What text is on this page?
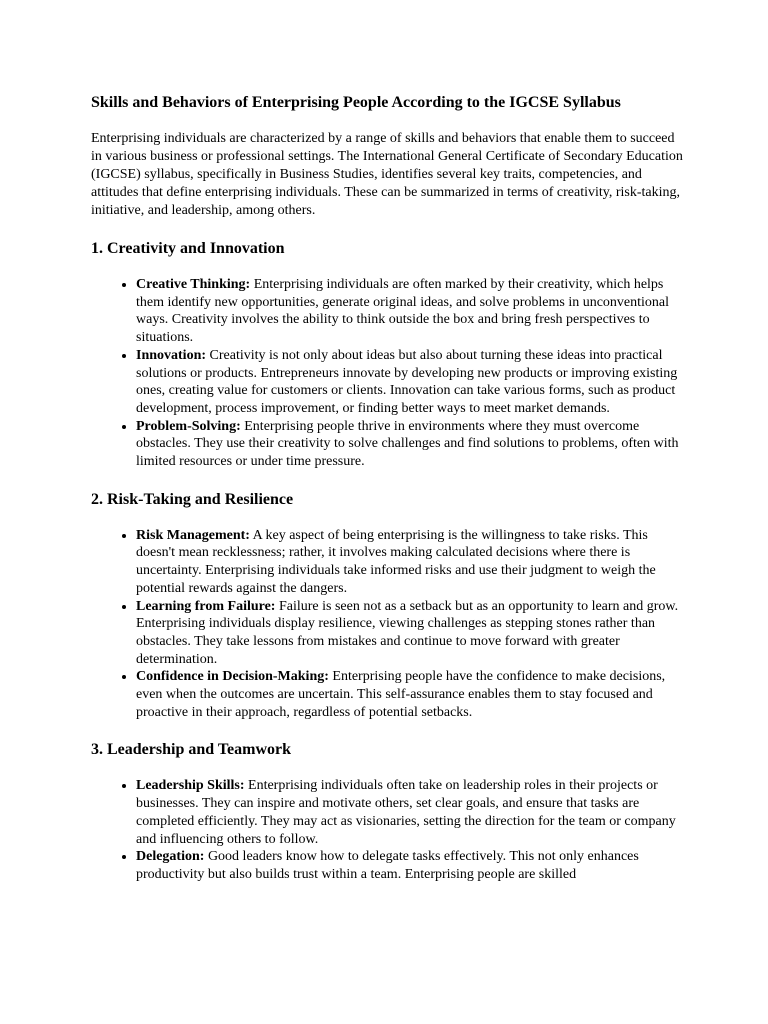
Skills and Behaviors of Enterprising People According to the IGCSE Syllabus

Enterprising individuals are characterized by a range of skills and behaviors that enable them to succeed in various business or professional settings. The International General Certificate of Secondary Education (IGCSE) syllabus, specifically in Business Studies, identifies several key traits, competencies, and attitudes that define enterprising individuals. These can be summarized in terms of creativity, risk-taking, initiative, and leadership, among others.

1. Creativity and Innovation
• Creative Thinking: Enterprising individuals are often marked by their creativity, which helps them identify new opportunities, generate original ideas, and solve problems in unconventional ways. Creativity involves the ability to think outside the box and bring fresh perspectives to situations.
• Innovation: Creativity is not only about ideas but also about turning these ideas into practical solutions or products. Entrepreneurs innovate by developing new products or improving existing ones, creating value for customers or clients. Innovation can take various forms, such as product development, process improvement, or finding better ways to meet market demands.
• Problem-Solving: Enterprising people thrive in environments where they must overcome obstacles. They use their creativity to solve challenges and find solutions to problems, often with limited resources or under time pressure.
2. Risk-Taking and Resilience
• Risk Management: A key aspect of being enterprising is the willingness to take risks. This doesn't mean recklessness; rather, it involves making calculated decisions where there is uncertainty. Enterprising individuals take informed risks and use their judgment to weigh the potential rewards against the dangers.
• Learning from Failure: Failure is seen not as a setback but as an opportunity to learn and grow. Enterprising individuals display resilience, viewing challenges as stepping stones rather than obstacles. They take lessons from mistakes and continue to move forward with greater determination.
• Confidence in Decision-Making: Enterprising people have the confidence to make decisions, even when the outcomes are uncertain. This self-assurance enables them to stay focused and proactive in their approach, regardless of potential setbacks.
3. Leadership and Teamwork
• Leadership Skills: Enterprising individuals often take on leadership roles in their projects or businesses. They can inspire and motivate others, set clear goals, and ensure that tasks are completed efficiently. They may act as visionaries, setting the direction for the team or company and influencing others to follow.
• Delegation: Good leaders know how to delegate tasks effectively. This not only enhances productivity but also builds trust within a team. Enterprising people are skilled
